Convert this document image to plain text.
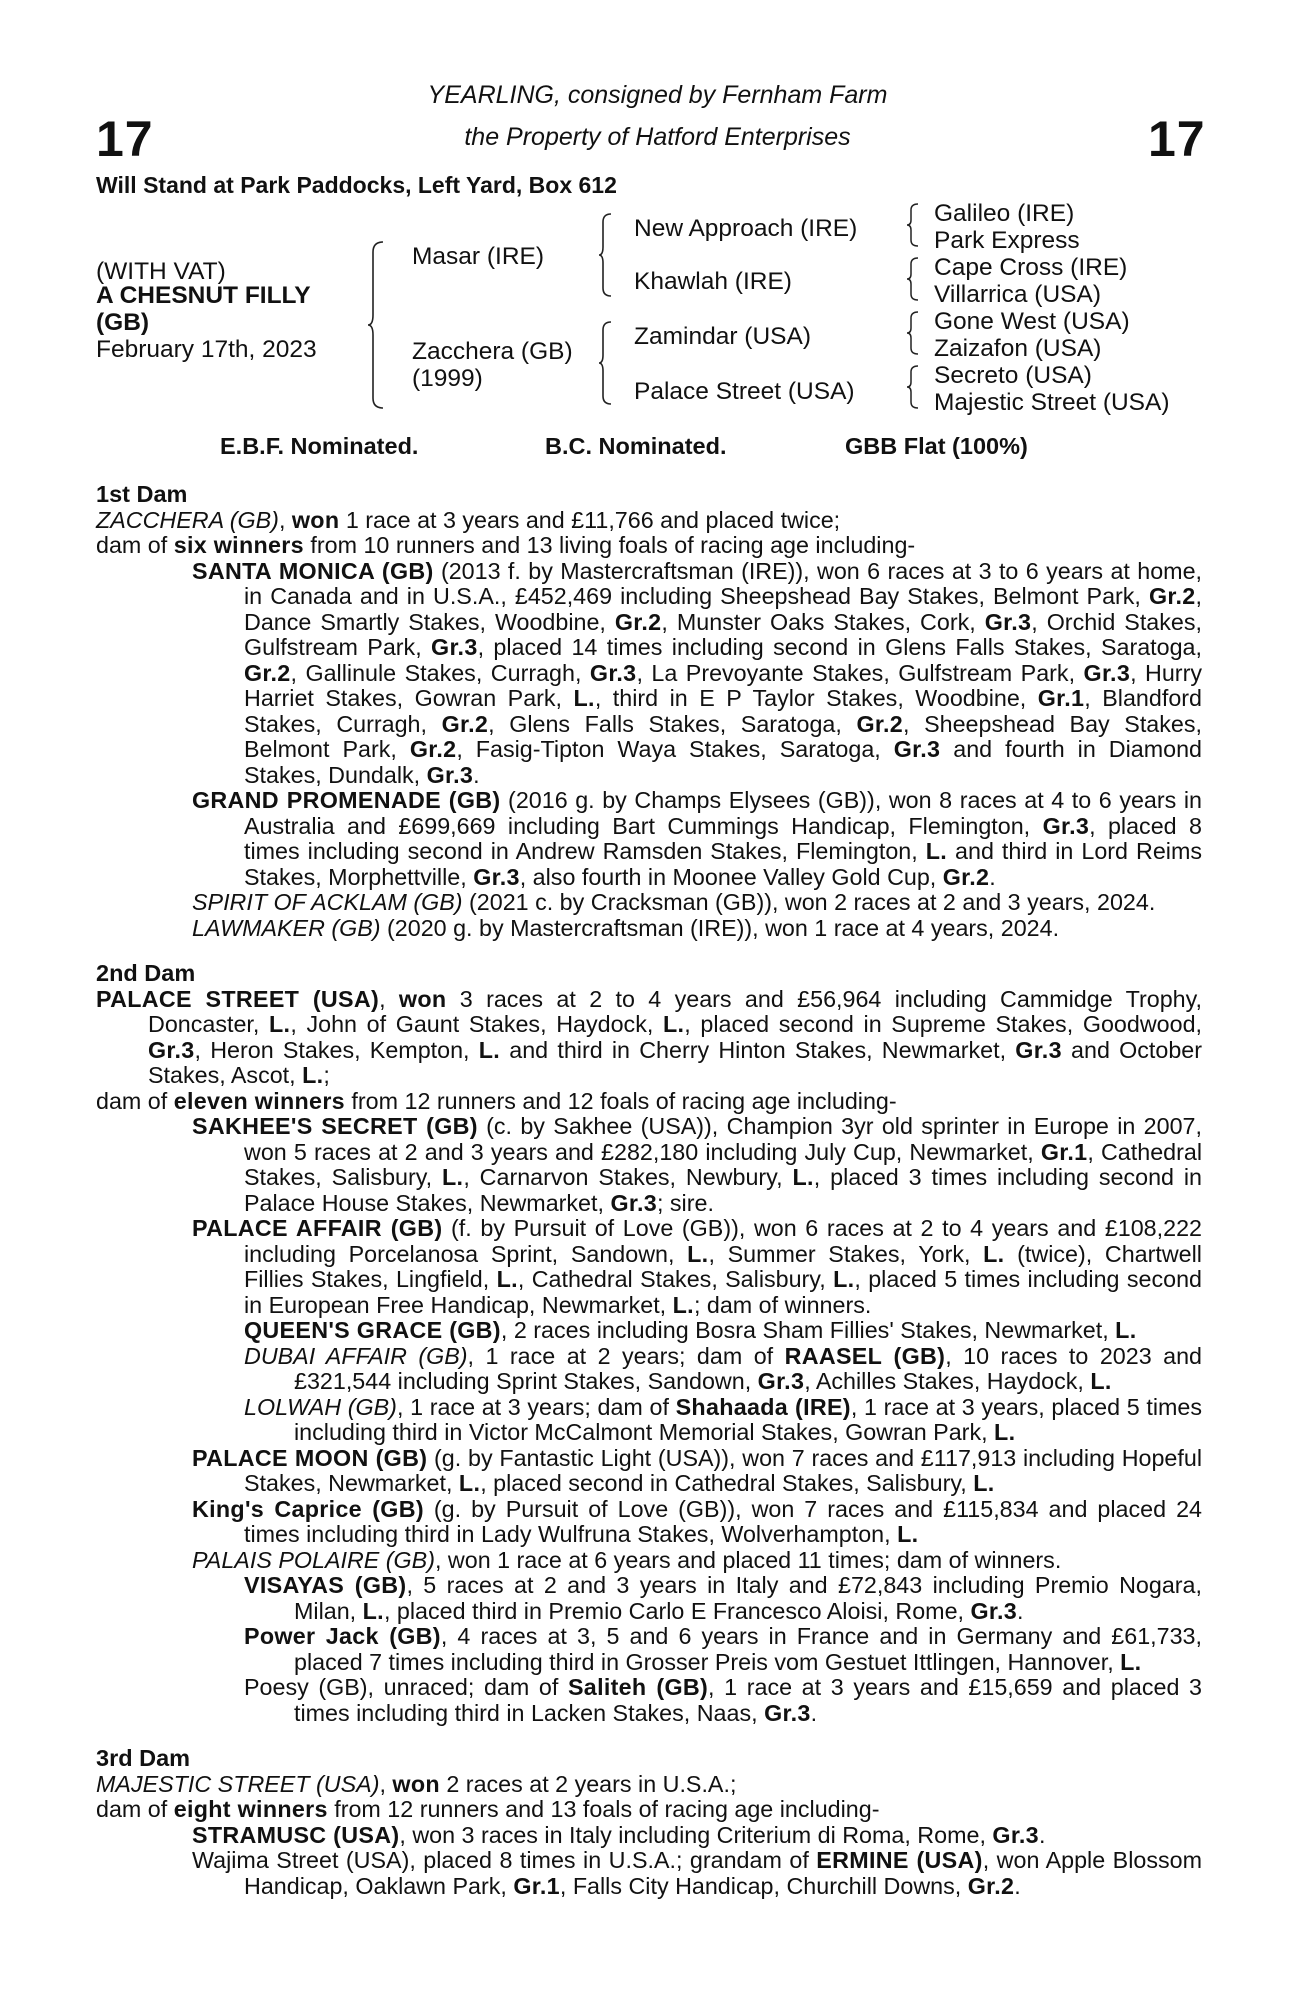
17	17
YEARLING, consigned by Fernham Farm
the Property of Hatford Enterprises
Will Stand at Park Paddocks, Left Yard, Box 612
(WITH VAT)
A CHESNUT FILLY
(GB)
February 17th, 2023
Masar (IRE)
Zacchera (GB)
(1999)
New Approach (IRE)
Khawlah (IRE)
Zamindar (USA)
Palace Street (USA)
Galileo (IRE)
Park Express
Cape Cross (IRE)
Villarrica (USA)
Gone West (USA)
Zaizafon (USA)
Secreto (USA)
Majestic Street (USA)
E.B.F. Nominated.	B.C. Nominated.	GBB Flat (100%)
1st Dam

ZACCHERA (GB), won 1 race at 3 years and £11,766 and placed twice;

dam of six winners from 10 runners and 13 living foals of racing age including-

SANTA MONICA (GB) (2013 f. by Mastercraftsman (IRE)), won 6 races at 3 to 6 years at home, in Canada and in U.S.A., £452,469 including Sheepshead Bay Stakes, Belmont Park, Gr.2, Dance Smartly Stakes, Woodbine, Gr.2, Munster Oaks Stakes, Cork, Gr.3, Orchid Stakes, Gulfstream Park, Gr.3, placed 14 times including second in Glens Falls Stakes, Saratoga, Gr.2, Gallinule Stakes, Curragh, Gr.3, La Prevoyante Stakes, Gulfstream Park, Gr.3, Hurry Harriet Stakes, Gowran Park, L., third in E P Taylor Stakes, Woodbine, Gr.1, Blandford Stakes, Curragh, Gr.2, Glens Falls Stakes, Saratoga, Gr.2, Sheepshead Bay Stakes, Belmont Park, Gr.2, Fasig-Tipton Waya Stakes, Saratoga, Gr.3 and fourth in Diamond Stakes, Dundalk, Gr.3.

GRAND PROMENADE (GB) (2016 g. by Champs Elysees (GB)), won 8 races at 4 to 6 years in Australia and £699,669 including Bart Cummings Handicap, Flemington, Gr.3, placed 8 times including second in Andrew Ramsden Stakes, Flemington, L. and third in Lord Reims Stakes, Morphettville, Gr.3, also fourth in Moonee Valley Gold Cup, Gr.2.

SPIRIT OF ACKLAM (GB) (2021 c. by Cracksman (GB)), won 2 races at 2 and 3 years, 2024.

LAWMAKER (GB) (2020 g. by Mastercraftsman (IRE)), won 1 race at 4 years, 2024.

2nd Dam

PALACE STREET (USA), won 3 races at 2 to 4 years and £56,964 including Cammidge Trophy, Doncaster, L., John of Gaunt Stakes, Haydock, L., placed second in Supreme Stakes, Goodwood, Gr.3, Heron Stakes, Kempton, L. and third in Cherry Hinton Stakes, Newmarket, Gr.3 and October Stakes, Ascot, L.;

dam of eleven winners from 12 runners and 12 foals of racing age including-

SAKHEE'S SECRET (GB) (c. by Sakhee (USA)), Champion 3yr old sprinter in Europe in 2007, won 5 races at 2 and 3 years and £282,180 including July Cup, Newmarket, Gr.1, Cathedral Stakes, Salisbury, L., Carnarvon Stakes, Newbury, L., placed 3 times including second in Palace House Stakes, Newmarket, Gr.3; sire.

PALACE AFFAIR (GB) (f. by Pursuit of Love (GB)), won 6 races at 2 to 4 years and £108,222 including Porcelanosa Sprint, Sandown, L., Summer Stakes, York, L. (twice), Chartwell Fillies Stakes, Lingfield, L., Cathedral Stakes, Salisbury, L., placed 5 times including second in European Free Handicap, Newmarket, L.; dam of winners.

QUEEN'S GRACE (GB), 2 races including Bosra Sham Fillies' Stakes, Newmarket, L.

DUBAI AFFAIR (GB), 1 race at 2 years; dam of RAASEL (GB), 10 races to 2023 and £321,544 including Sprint Stakes, Sandown, Gr.3, Achilles Stakes, Haydock, L.

LOLWAH (GB), 1 race at 3 years; dam of Shahaada (IRE), 1 race at 3 years, placed 5 times including third in Victor McCalmont Memorial Stakes, Gowran Park, L.

PALACE MOON (GB) (g. by Fantastic Light (USA)), won 7 races and £117,913 including Hopeful Stakes, Newmarket, L., placed second in Cathedral Stakes, Salisbury, L.

King's Caprice (GB) (g. by Pursuit of Love (GB)), won 7 races and £115,834 and placed 24 times including third in Lady Wulfruna Stakes, Wolverhampton, L.

PALAIS POLAIRE (GB), won 1 race at 6 years and placed 11 times; dam of winners.

VISAYAS (GB), 5 races at 2 and 3 years in Italy and £72,843 including Premio Nogara, Milan, L., placed third in Premio Carlo E Francesco Aloisi, Rome, Gr.3.

Power Jack (GB), 4 races at 3, 5 and 6 years in France and in Germany and £61,733, placed 7 times including third in Grosser Preis vom Gestuet Ittlingen, Hannover, L.

Poesy (GB), unraced; dam of Saliteh (GB), 1 race at 3 years and £15,659 and placed 3 times including third in Lacken Stakes, Naas, Gr.3.

3rd Dam

MAJESTIC STREET (USA), won 2 races at 2 years in U.S.A.;

dam of eight winners from 12 runners and 13 foals of racing age including-

STRAMUSC (USA), won 3 races in Italy including Criterium di Roma, Rome, Gr.3.

Wajima Street (USA), placed 8 times in U.S.A.; grandam of ERMINE (USA), won Apple Blossom Handicap, Oaklawn Park, Gr.1, Falls City Handicap, Churchill Downs, Gr.2.
